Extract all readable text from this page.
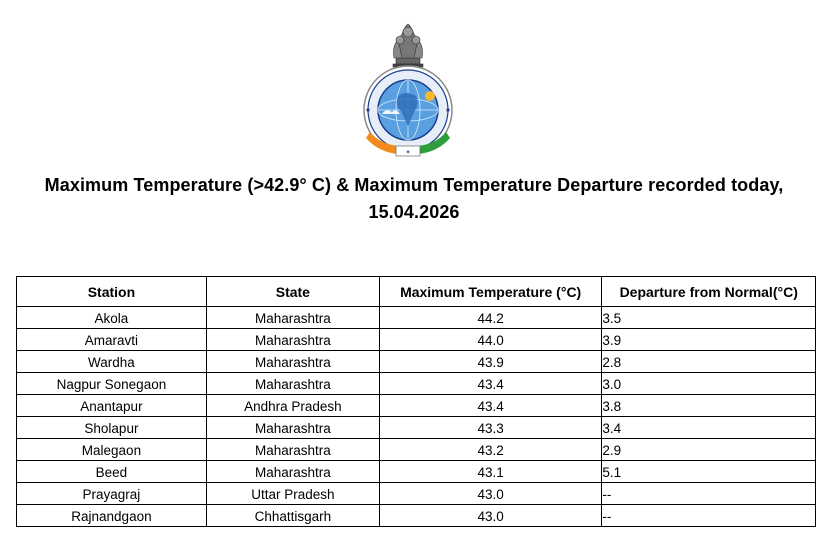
✶
Maximum Temperature (>42.9° C) & Maximum Temperature Departure recorded today,
15.04.2026
Station	State	Maximum Temperature (°C)	Departure from Normal(°C)
Akola	Maharashtra	44.2	3.5
Amaravti	Maharashtra	44.0	3.9
Wardha	Maharashtra	43.9	2.8
Nagpur Sonegaon	Maharashtra	43.4	3.0
Anantapur	Andhra Pradesh	43.4	3.8
Sholapur	Maharashtra	43.3	3.4
Malegaon	Maharashtra	43.2	2.9
Beed	Maharashtra	43.1	5.1
Prayagraj	Uttar Pradesh	43.0	--
Rajnandgaon	Chhattisgarh	43.0	--
